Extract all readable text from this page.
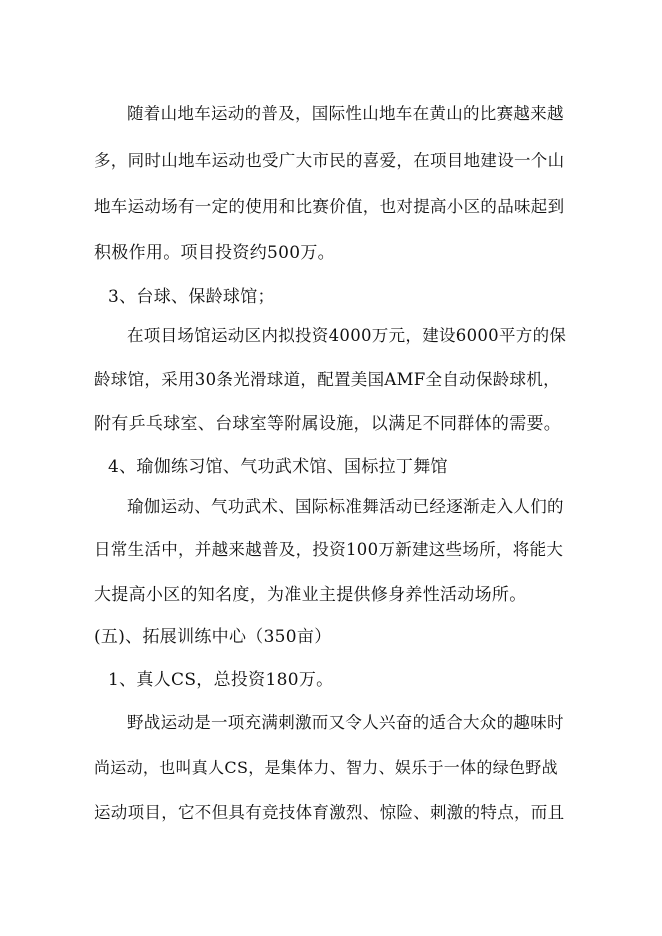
随着山地车运动的普及，国际性山地车在黄山的比赛越来越
多，同时山地车运动也受广大市民的喜爱，在项目地建设一个山
地车运动场有一定的使用和比赛价值，也对提高小区的品味起到
积极作用。项目投资约500万。
3、台球、保龄球馆；
在项目场馆运动区内拟投资4000万元，建设6000平方的保
龄球馆，采用30条光滑球道，配置美国AMF全自动保龄球机，
附有乒乓球室、台球室等附属设施，以满足不同群体的需要。
4、瑜伽练习馆、气功武术馆、国标拉丁舞馆
瑜伽运动、气功武术、国际标准舞活动已经逐渐走入人们的
日常生活中，并越来越普及，投资100万新建这些场所，将能大
大提高小区的知名度，为准业主提供修身养性活动场所。
(五)、拓展训练中心（350亩）
1、真人CS，总投资180万。
野战运动是一项充满刺激而又令人兴奋的适合大众的趣味时
尚运动，也叫真人CS，是集体力、智力、娱乐于一体的绿色野战
运动项目，它不但具有竞技体育激烈、惊险、刺激的特点，而且
